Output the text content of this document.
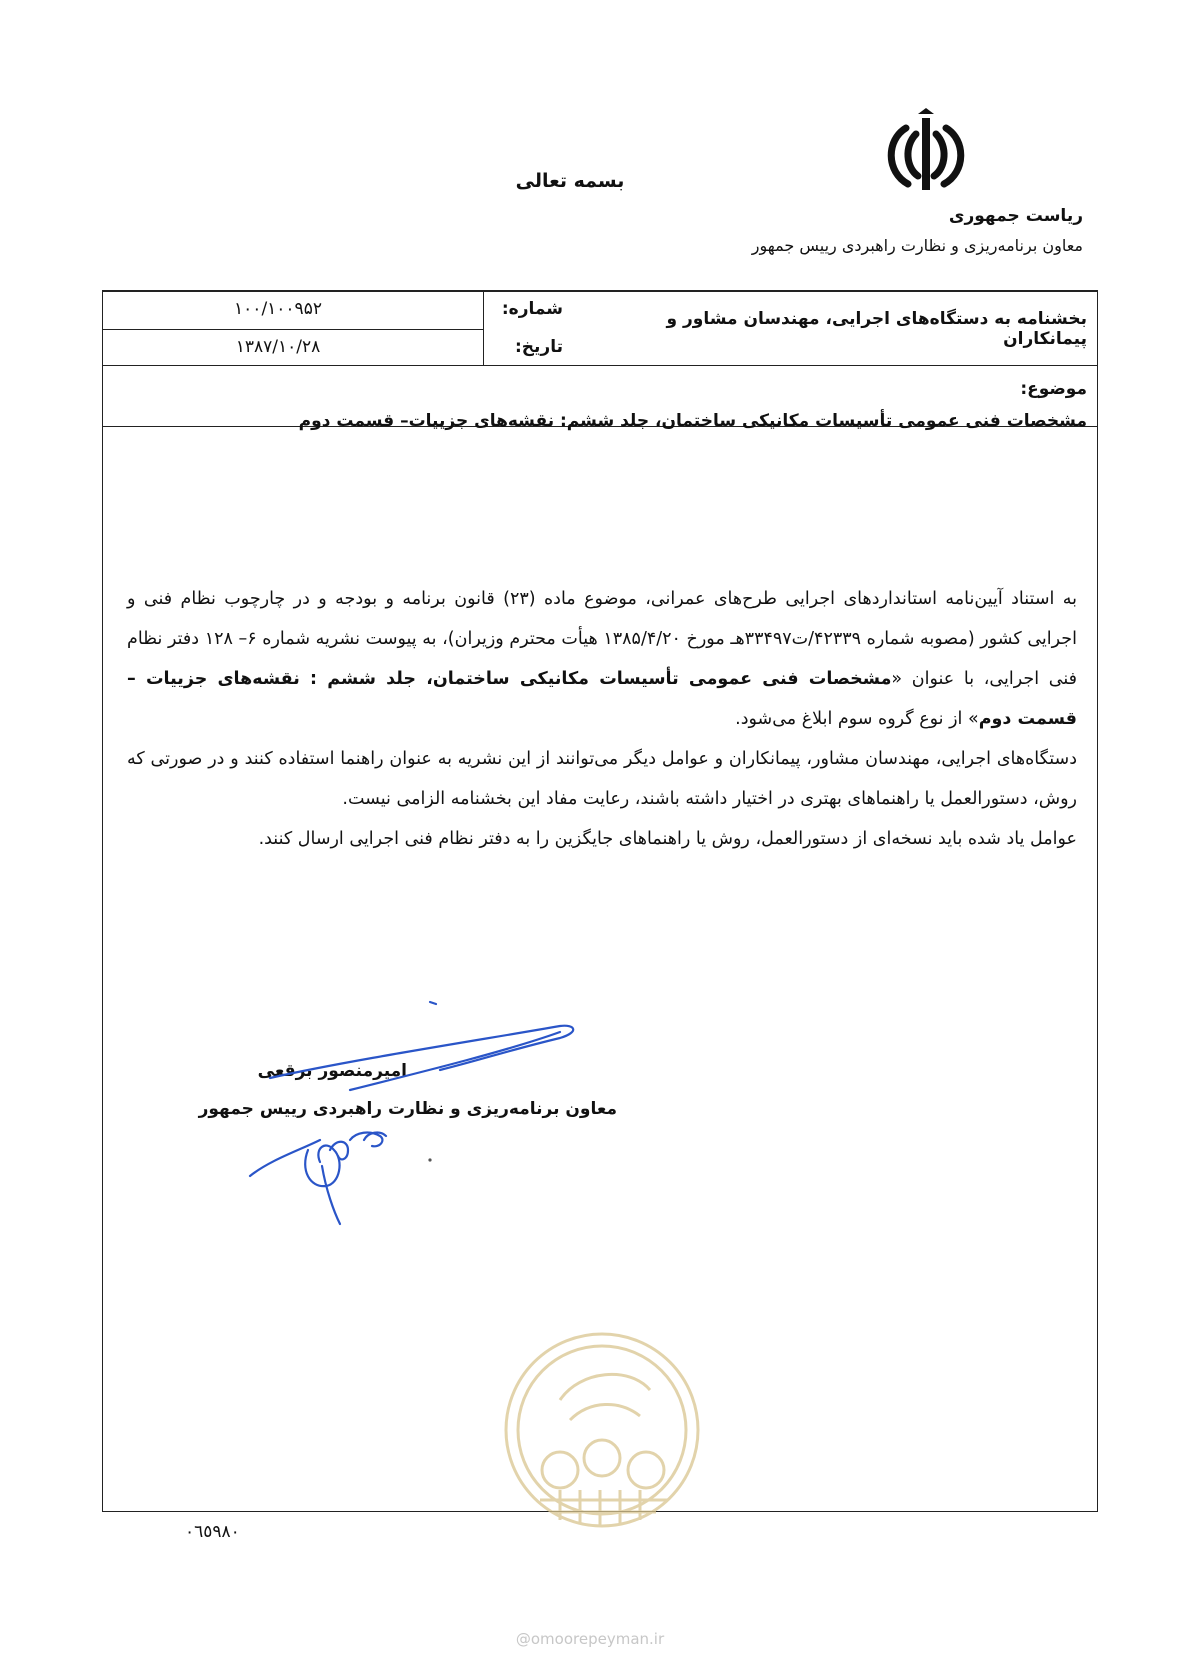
بسمه تعالی
ریاست جمهوری
معاون برنامه‌ریزی و نظارت راهبردی رییس جمهور
بخشنامه به دستگاه‌های اجرایی، مهندسان مشاور و پیمانکاران
شماره:
۱۰۰/۱۰۰۹۵۲
تاریخ:
۱۳۸۷/۱۰/۲۸
موضوع:
مشخصات فنی عمومی تأسیسات مکانیکی ساختمان، جلد ششم: نقشه‌های جزییات– قسمت دوم

به استناد آیین‌نامه استانداردهای اجرایی طرح‌های عمرانی، موضوع ماده (۲۳) قانون برنامه و بودجه و در چارچوب نظام فنی و اجرایی کشور (مصوبه شماره ۴۲۳۳۹/ت۳۳۴۹۷هـ مورخ ۱۳۸۵/۴/۲۰ هیأت محترم وزیران)، به پیوست نشریه شماره ۶– ۱۲۸ دفتر نظام فنی اجرایی، با عنوان «مشخصات فنی عمومی تأسیسات مکانیکی ساختمان، جلد ششم : نقشه‌های جزییات – قسمت دوم» از نوع گروه سوم ابلاغ می‌شود.

دستگاه‌های اجرایی، مهندسان مشاور، پیمانکاران و عوامل دیگر می‌توانند از این نشریه به عنوان راهنما استفاده کنند و در صورتی که روش، دستورالعمل یا راهنماهای بهتری در اختیار داشته باشند، رعایت مفاد این بخشنامه الزامی نیست.

عوامل یاد شده باید نسخه‌ای از دستورالعمل، روش یا راهنماهای جایگزین را به دفتر نظام فنی اجرایی ارسال کنند.

امیرمنصور برقعی
معاون برنامه‌ریزی و نظارت راهبردی رییس جمهور
۰٦٥۹۸۰
@omoorepeyman.ir
